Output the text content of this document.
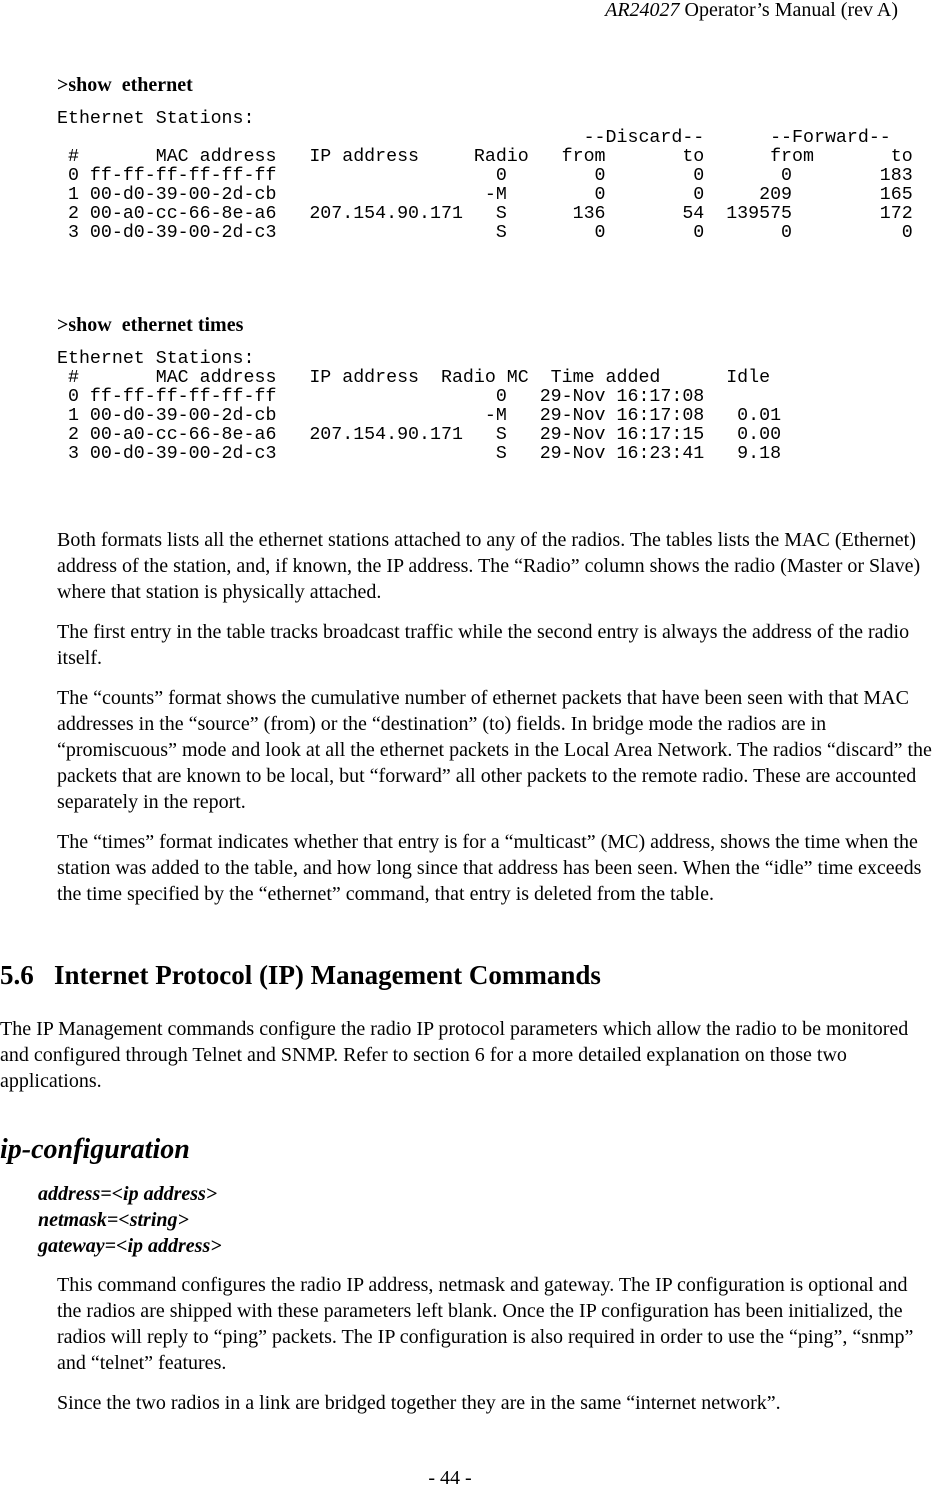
AR24027 Operator’s Manual (rev A)
>show  ethernet
Ethernet Stations:
--Discard--      --Forward--
#       MAC address   IP address     Radio   from       to      from       to
0 ff-ff-ff-ff-ff-ff                    0        0        0       0        183
1 00-d0-39-00-2d-cb                   -M        0        0     209        165
2 00-a0-cc-66-8e-a6   207.154.90.171   S      136       54  139575        172
3 00-d0-39-00-2d-c3                    S        0        0       0          0
>show  ethernet times
Ethernet Stations:
#       MAC address   IP address  Radio MC  Time added      Idle
0 ff-ff-ff-ff-ff-ff                    0   29-Nov 16:17:08
1 00-d0-39-00-2d-cb                   -M   29-Nov 16:17:08   0.01
2 00-a0-cc-66-8e-a6   207.154.90.171   S   29-Nov 16:17:15   0.00
3 00-d0-39-00-2d-c3                    S   29-Nov 16:23:41   9.18

Both formats lists all the ethernet stations attached to any of the radios. The tables lists the MAC (Ethernet) address of the station, and, if known, the IP address. The “Radio” column shows the radio (Master or Slave) where that station is physically attached.

The first entry in the table tracks broadcast traffic while the second entry is always the address of the radio itself.

The “counts” format shows the cumulative number of ethernet packets that have been seen with that MAC addresses in the “source” (from) or the “destination” (to) fields. In bridge mode the radios are in “promiscuous” mode and look at all the ethernet packets in the Local Area Network. The radios “discard” the packets that are known to be local, but “forward” all other packets to the remote radio. These are accounted separately in the report.

The “times” format indicates whether that entry is for a “multicast” (MC) address, shows the time when the station was added to the table, and how long since that address has been seen. When the “idle” time exceeds the time specified by the “ethernet” command, that entry is deleted from the table.

5.6   Internet Protocol (IP) Management Commands

The IP Management commands configure the radio IP protocol parameters which allow the radio to be monitored and configured through Telnet and SNMP. Refer to section 6 for a more detailed explanation on those two applications.

ip-configuration
address=<ip address>
netmask=<string>
gateway=<ip address>

This command configures the radio IP address, netmask and gateway. The IP configuration is optional and the radios are shipped with these parameters left blank. Once the IP configuration has been initialized, the radios will reply to “ping” packets. The IP configuration is also required in order to use the “ping”, “snmp” and “telnet” features.

Since the two radios in a link are bridged together they are in the same “internet network”.

- 44 -
